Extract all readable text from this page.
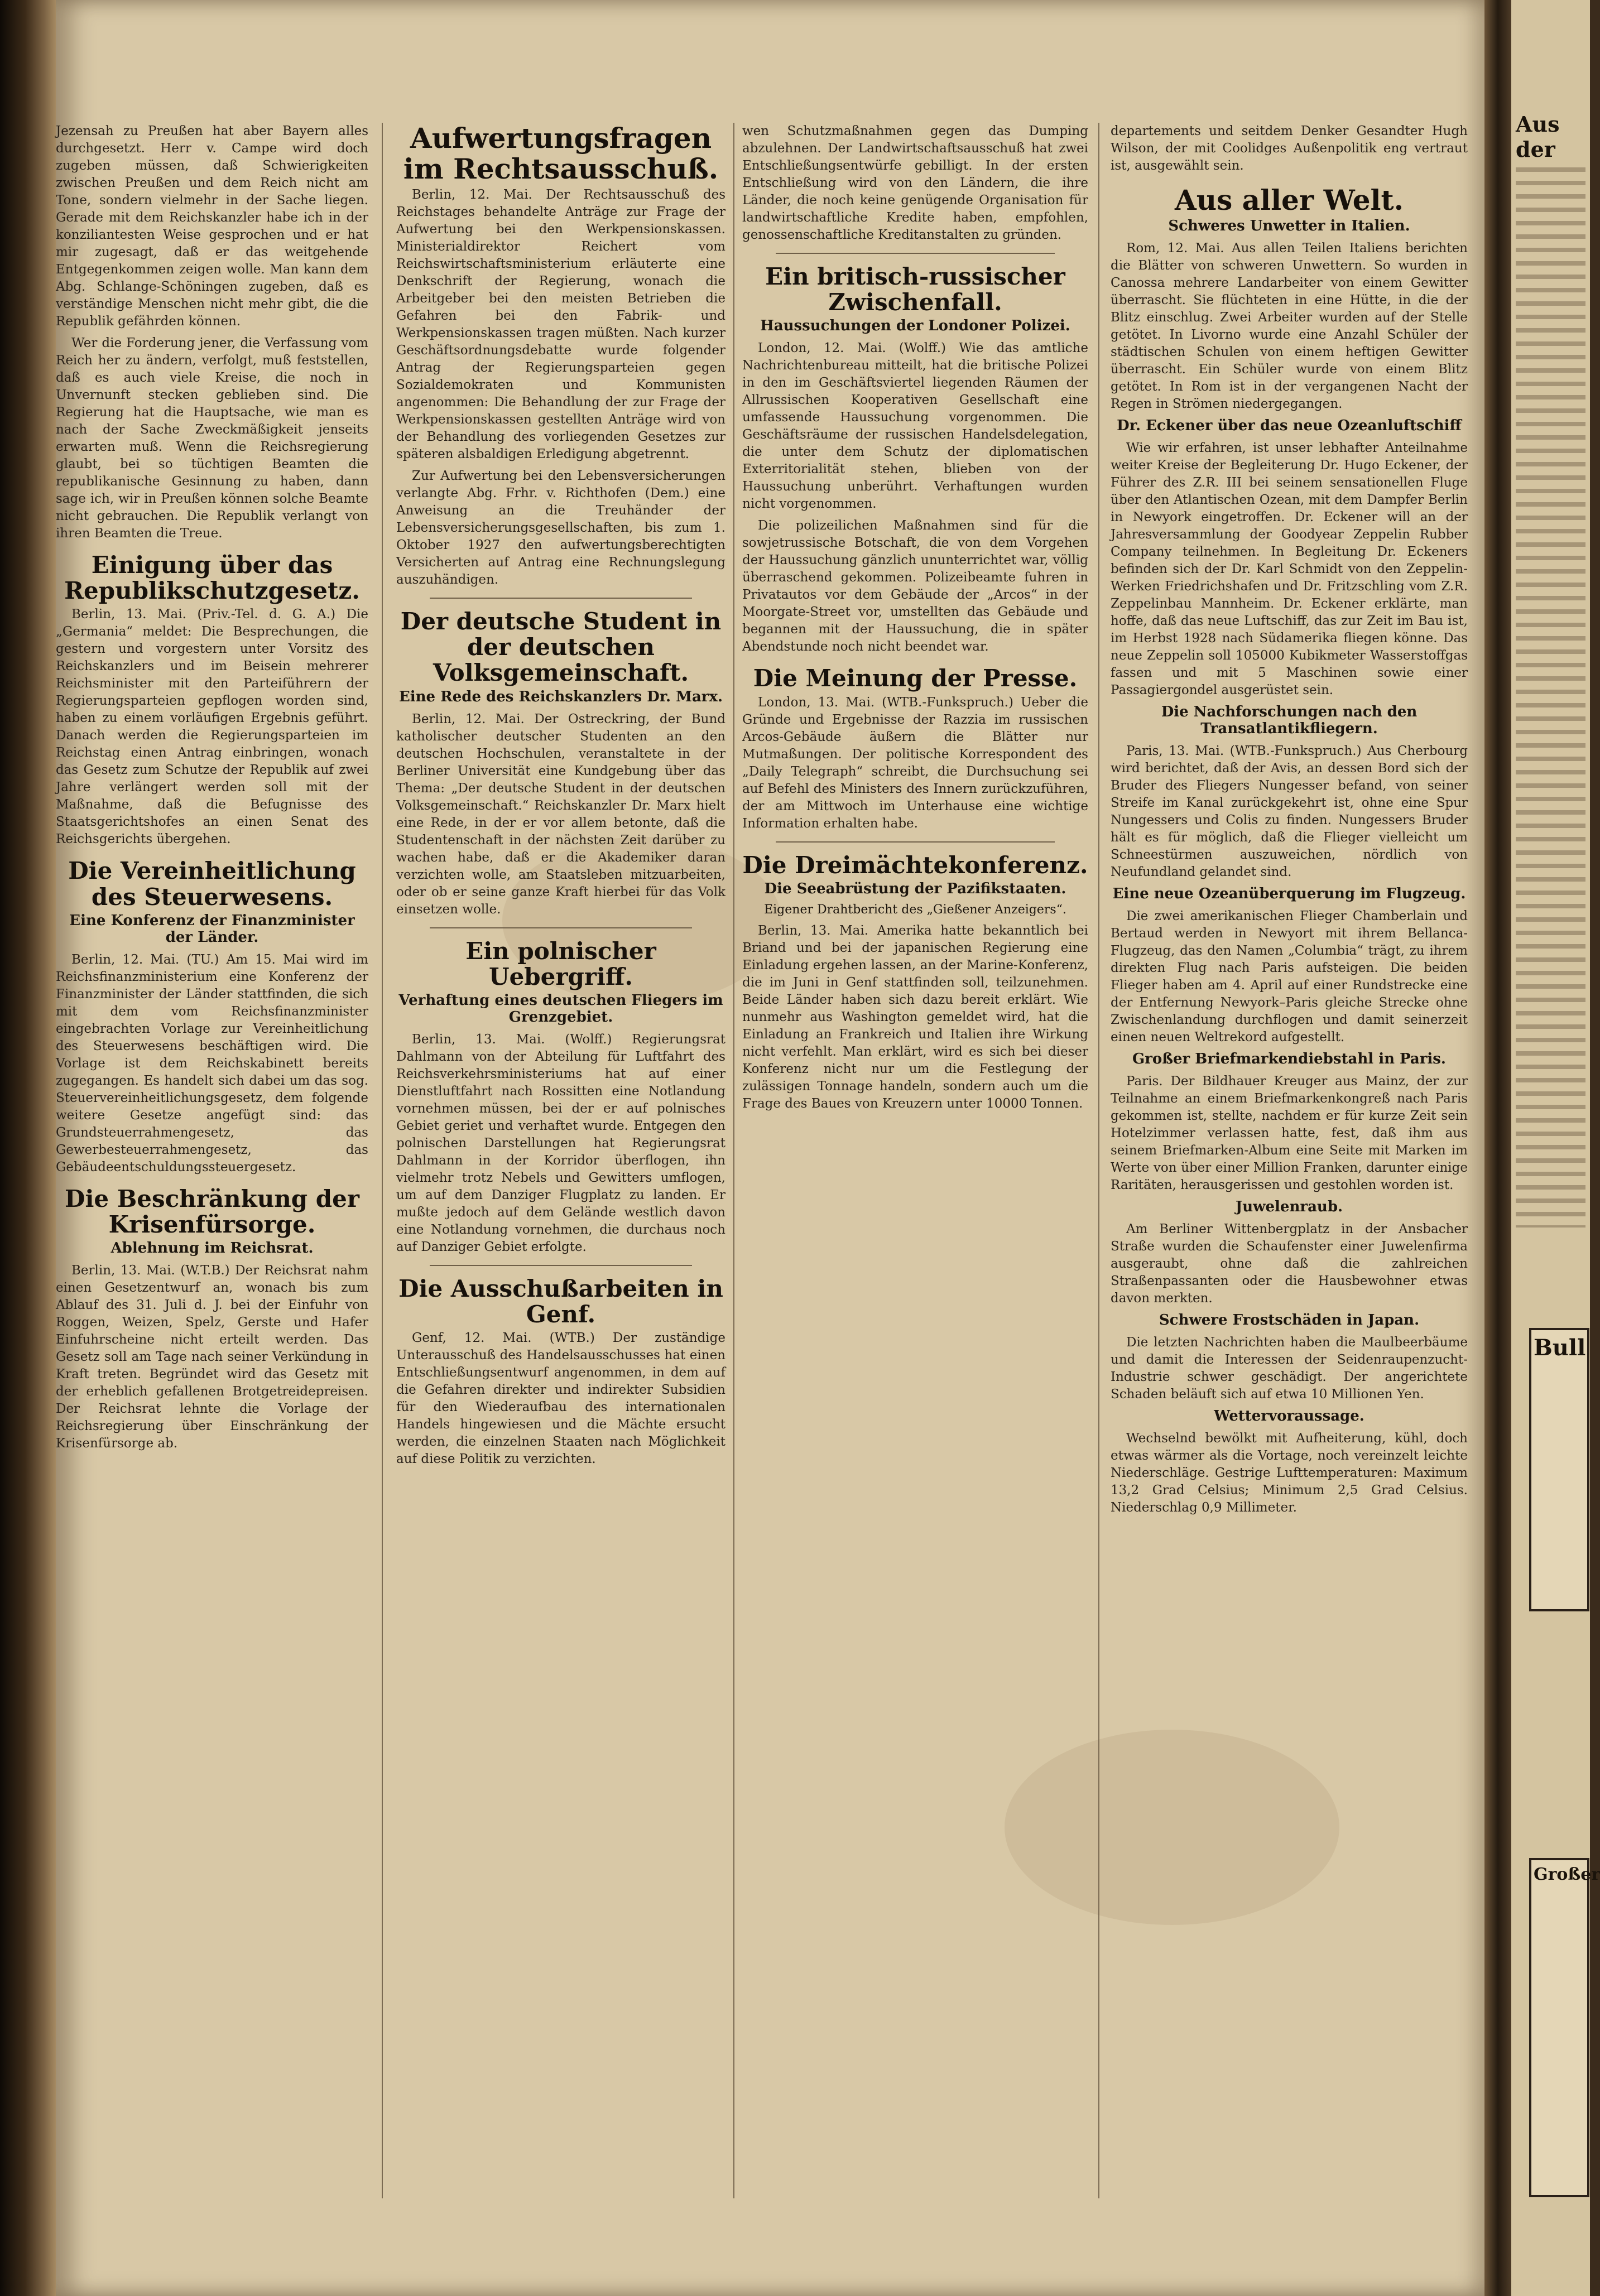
Jezensah zu Preußen hat aber Bayern alles durchgesetzt. Herr v. Campe wird doch zugeben müssen, daß Schwierigkeiten zwischen Preußen und dem Reich nicht am Tone, sondern vielmehr in der Sache liegen. Gerade mit dem Reichskanzler habe ich in der konziliantesten Weise gesprochen und er hat mir zugesagt, daß er das weitgehende Entgegenkommen zeigen wolle. Man kann dem Abg. Schlange-Schöningen zugeben, daß es verständige Menschen nicht mehr gibt, die die Republik gefährden können.

Wer die Forderung jener, die Verfassung vom Reich her zu ändern, verfolgt, muß feststellen, daß es auch viele Kreise, die noch in Unvernunft stecken geblieben sind. Die Regierung hat die Hauptsache, wie man es nach der Sache Zweckmäßigkeit jenseits erwarten muß. Wenn die Reichsregierung glaubt, bei so tüchtigen Beamten die republikanische Gesinnung zu haben, dann sage ich, wir in Preußen können solche Beamte nicht gebrauchen. Die Republik verlangt von ihren Beamten die Treue.

Einigung über das Republikschutzgesetz.

Berlin, 13. Mai. (Priv.-Tel. d. G. A.) Die „Germania“ meldet: Die Besprechungen, die gestern und vorgestern unter Vorsitz des Reichskanzlers und im Beisein mehrerer Reichsminister mit den Parteiführern der Regierungsparteien gepflogen worden sind, haben zu einem vorläufigen Ergebnis geführt. Danach werden die Regierungsparteien im Reichstag einen Antrag einbringen, wonach das Gesetz zum Schutze der Republik auf zwei Jahre verlängert werden soll mit der Maßnahme, daß die Befugnisse des Staatsgerichtshofes an einen Senat des Reichsgerichts übergehen.

Die Vereinheitlichung des Steuerwesens.
Eine Konferenz der Finanzminister der Länder.

Berlin, 12. Mai. (TU.) Am 15. Mai wird im Reichsfinanzministerium eine Konferenz der Finanzminister der Länder stattfinden, die sich mit dem vom Reichsfinanzminister eingebrachten Vorlage zur Vereinheitlichung des Steuerwesens beschäftigen wird. Die Vorlage ist dem Reichskabinett bereits zugegangen. Es handelt sich dabei um das sog. Steuervereinheitlichungsgesetz, dem folgende weitere Gesetze angefügt sind: das Grundsteuerrahmengesetz, das Gewerbesteuerrahmengesetz, das Gebäudeentschuldungssteuergesetz.

Die Beschränkung der Krisenfürsorge.
Ablehnung im Reichsrat.

Berlin, 13. Mai. (W.T.B.) Der Reichsrat nahm einen Gesetzentwurf an, wonach bis zum Ablauf des 31. Juli d. J. bei der Einfuhr von Roggen, Weizen, Spelz, Gerste und Hafer Einfuhrscheine nicht erteilt werden. Das Gesetz soll am Tage nach seiner Verkündung in Kraft treten. Begründet wird das Gesetz mit der erheblich gefallenen Brotgetreidepreisen. Der Reichsrat lehnte die Vorlage der Reichsregierung über Einschränkung der Krisenfürsorge ab.

Aufwertungsfragen im Rechtsausschuß.

Berlin, 12. Mai. Der Rechtsausschuß des Reichstages behandelte Anträge zur Frage der Aufwertung bei den Werkpensionskassen. Ministerialdirektor Reichert vom Reichswirtschaftsministerium erläuterte eine Denkschrift der Regierung, wonach die Arbeitgeber bei den meisten Betrieben die Gefahren bei den Fabrik- und Werkpensionskassen tragen müßten. Nach kurzer Geschäftsordnungsdebatte wurde folgender Antrag der Regierungsparteien gegen Sozialdemokraten und Kommunisten angenommen: Die Behandlung der zur Frage der Werkpensionskassen gestellten Anträge wird von der Behandlung des vorliegenden Gesetzes zur späteren alsbaldigen Erledigung abgetrennt.

Zur Aufwertung bei den Lebensversicherungen verlangte Abg. Frhr. v. Richthofen (Dem.) eine Anweisung an die Treuhänder der Lebensversicherungsgesellschaften, bis zum 1. Oktober 1927 den aufwertungsberechtigten Versicherten auf Antrag eine Rechnungslegung auszuhändigen.

Der deutsche Student in der deutschen Volksgemeinschaft.
Eine Rede des Reichskanzlers Dr. Marx.

Berlin, 12. Mai. Der Ostreckring, der Bund katholischer deutscher Studenten an den deutschen Hochschulen, veranstaltete in der Berliner Universität eine Kundgebung über das Thema: „Der deutsche Student in der deutschen Volksgemeinschaft.“ Reichskanzler Dr. Marx hielt eine Rede, in der er vor allem betonte, daß die Studentenschaft in der nächsten Zeit darüber zu wachen habe, daß er die Akademiker daran verzichten wolle, am Staatsleben mitzuarbeiten, oder ob er seine ganze Kraft hierbei für das Volk einsetzen wolle.

Ein polnischer Uebergriff.
Verhaftung eines deutschen Fliegers im Grenzgebiet.

Berlin, 13. Mai. (Wolff.) Regierungsrat Dahlmann von der Abteilung für Luftfahrt des Reichsverkehrsministeriums hat auf einer Dienstluftfahrt nach Rossitten eine Notlandung vornehmen müssen, bei der er auf polnisches Gebiet geriet und verhaftet wurde. Entgegen den polnischen Darstellungen hat Regierungsrat Dahlmann in der Korridor überflogen, ihn vielmehr trotz Nebels und Gewitters umflogen, um auf dem Danziger Flugplatz zu landen. Er mußte jedoch auf dem Gelände westlich davon eine Notlandung vornehmen, die durchaus noch auf Danziger Gebiet erfolgte.

Die Ausschußarbeiten in Genf.

Genf, 12. Mai. (WTB.) Der zuständige Unterausschuß des Handelsausschusses hat einen Entschließungsentwurf angenommen, in dem auf die Gefahren direkter und indirekter Subsidien für den Wiederaufbau des internationalen Handels hingewiesen und die Mächte ersucht werden, die einzelnen Staaten nach Möglichkeit auf diese Politik zu verzichten.

wen Schutzmaßnahmen gegen das Dumping abzulehnen. Der Landwirtschaftsausschuß hat zwei Entschließungsentwürfe gebilligt. In der ersten Entschließung wird von den Ländern, die ihre Länder, die noch keine genügende Organisation für landwirtschaftliche Kredite haben, empfohlen, genossenschaftliche Kreditanstalten zu gründen.

Ein britisch-russischer Zwischenfall.
Haussuchungen der Londoner Polizei.

London, 12. Mai. (Wolff.) Wie das amtliche Nachrichtenbureau mitteilt, hat die britische Polizei in den im Geschäftsviertel liegenden Räumen der Allrussischen Kooperativen Gesellschaft eine umfassende Haussuchung vorgenommen. Die Geschäftsräume der russischen Handelsdelegation, die unter dem Schutz der diplomatischen Exterritorialität stehen, blieben von der Haussuchung unberührt. Verhaftungen wurden nicht vorgenommen.

Die polizeilichen Maßnahmen sind für die sowjetrussische Botschaft, die von dem Vorgehen der Haussuchung gänzlich ununterrichtet war, völlig überraschend gekommen. Polizeibeamte fuhren in Privatautos vor dem Gebäude der „Arcos“ in der Moorgate-Street vor, umstellten das Gebäude und begannen mit der Haussuchung, die in später Abendstunde noch nicht beendet war.

Die Meinung der Presse.

London, 13. Mai. (WTB.-Funkspruch.) Ueber die Gründe und Ergebnisse der Razzia im russischen Arcos-Gebäude äußern die Blätter nur Mutmaßungen. Der politische Korrespondent des „Daily Telegraph“ schreibt, die Durchsuchung sei auf Befehl des Ministers des Innern zurückzuführen, der am Mittwoch im Unterhause eine wichtige Information erhalten habe.

Die Dreimächtekonferenz.
Die Seeabrüstung der Pazifikstaaten.
Eigener Drahtbericht des „Gießener Anzeigers“.

Berlin, 13. Mai. Amerika hatte bekanntlich bei Briand und bei der japanischen Regierung eine Einladung ergehen lassen, an der Marine-Konferenz, die im Juni in Genf stattfinden soll, teilzunehmen. Beide Länder haben sich dazu bereit erklärt. Wie nunmehr aus Washington gemeldet wird, hat die Einladung an Frankreich und Italien ihre Wirkung nicht verfehlt. Man erklärt, wird es sich bei dieser Konferenz nicht nur um die Festlegung der zulässigen Tonnage handeln, sondern auch um die Frage des Baues von Kreuzern unter 10000 Tonnen.

departements und seitdem Denker Gesandter Hugh Wilson, der mit Coolidges Außenpolitik eng vertraut ist, ausgewählt sein.

Aus aller Welt.
Schweres Unwetter in Italien.

Rom, 12. Mai. Aus allen Teilen Italiens berichten die Blätter von schweren Unwettern. So wurden in Canossa mehrere Landarbeiter von einem Gewitter überrascht. Sie flüchteten in eine Hütte, in die der Blitz einschlug. Zwei Arbeiter wurden auf der Stelle getötet. In Livorno wurde eine Anzahl Schüler der städtischen Schulen von einem heftigen Gewitter überrascht. Ein Schüler wurde von einem Blitz getötet. In Rom ist in der vergangenen Nacht der Regen in Strömen niedergegangen.

Dr. Eckener über das neue Ozeanluftschiff

Wie wir erfahren, ist unser lebhafter Anteilnahme weiter Kreise der Begleiterung Dr. Hugo Eckener, der Führer des Z.R. III bei seinem sensationellen Fluge über den Atlantischen Ozean, mit dem Dampfer Berlin in Newyork eingetroffen. Dr. Eckener will an der Jahresversammlung der Goodyear Zeppelin Rubber Company teilnehmen. In Begleitung Dr. Eckeners befinden sich der Dr. Karl Schmidt von den Zeppelin-Werken Friedrichshafen und Dr. Fritzschling vom Z.R. Zeppelinbau Mannheim. Dr. Eckener erklärte, man hoffe, daß das neue Luftschiff, das zur Zeit im Bau ist, im Herbst 1928 nach Südamerika fliegen könne. Das neue Zeppelin soll 105000 Kubikmeter Wasserstoffgas fassen und mit 5 Maschinen sowie einer Passagiergondel ausgerüstet sein.

Die Nachforschungen nach den Transatlantikfliegern.

Paris, 13. Mai. (WTB.-Funkspruch.) Aus Cherbourg wird berichtet, daß der Avis, an dessen Bord sich der Bruder des Fliegers Nungesser befand, von seiner Streife im Kanal zurückgekehrt ist, ohne eine Spur Nungessers und Colis zu finden. Nungessers Bruder hält es für möglich, daß die Flieger vielleicht um Schneestürmen auszuweichen, nördlich von Neufundland gelandet sind.

Eine neue Ozeanüberquerung im Flugzeug.

Die zwei amerikanischen Flieger Chamberlain und Bertaud werden in Newyort mit ihrem Bellanca-Flugzeug, das den Namen „Columbia“ trägt, zu ihrem direkten Flug nach Paris aufsteigen. Die beiden Flieger haben am 4. April auf einer Rundstrecke eine der Entfernung Newyork–Paris gleiche Strecke ohne Zwischenlandung durchflogen und damit seinerzeit einen neuen Weltrekord aufgestellt.

Großer Briefmarkendiebstahl in Paris.

Paris. Der Bildhauer Kreuger aus Mainz, der zur Teilnahme an einem Briefmarkenkongreß nach Paris gekommen ist, stellte, nachdem er für kurze Zeit sein Hotelzimmer verlassen hatte, fest, daß ihm aus seinem Briefmarken-Album eine Seite mit Marken im Werte von über einer Million Franken, darunter einige Raritäten, herausgerissen und gestohlen worden ist.

Juwelenraub.

Am Berliner Wittenbergplatz in der Ansbacher Straße wurden die Schaufenster einer Juwelenfirma ausgeraubt, ohne daß die zahlreichen Straßenpassanten oder die Hausbewohner etwas davon merkten.

Schwere Frostschäden in Japan.

Die letzten Nachrichten haben die Maulbeerbäume und damit die Interessen der Seidenraupenzucht-Industrie schwer geschädigt. Der angerichtete Schaden beläuft sich auf etwa 10 Millionen Yen.

Wettervoraussage.

Wechselnd bewölkt mit Aufheiterung, kühl, doch etwas wärmer als die Vortage, noch vereinzelt leichte Niederschläge. Gestrige Lufttemperaturen: Maximum 13,2 Grad Celsius; Minimum 2,5 Grad Celsius. Niederschlag 0,9 Millimeter.

Aus der
Bull
Großer
